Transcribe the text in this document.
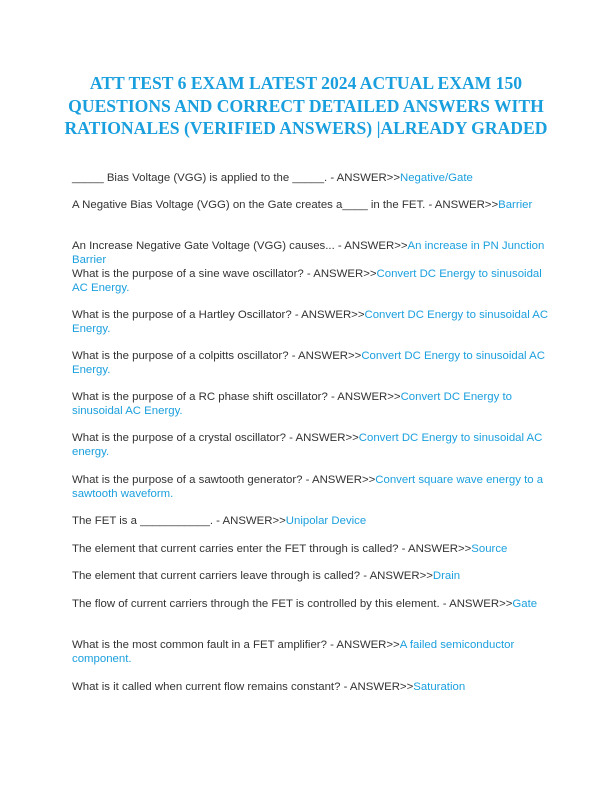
ATT TEST 6 EXAM LATEST 2024 ACTUAL EXAM 150 QUESTIONS AND CORRECT DETAILED ANSWERS WITH RATIONALES (VERIFIED ANSWERS) |ALREADY GRADED

_____ Bias Voltage (VGG) is applied to the _____. - ANSWER>>Negative/Gate

A Negative Bias Voltage (VGG) on the Gate creates a____ in the FET. - ANSWER>>Barrier

An Increase Negative Gate Voltage (VGG) causes... - ANSWER>>An increase in PN Junction Barrier

What is the purpose of a sine wave oscillator? - ANSWER>>Convert DC Energy to sinusoidal AC Energy.

What is the purpose of a Hartley Oscillator? - ANSWER>>Convert DC Energy to sinusoidal AC Energy.

What is the purpose of a colpitts oscillator? - ANSWER>>Convert DC Energy to sinusoidal AC Energy.

What is the purpose of a RC phase shift oscillator? - ANSWER>>Convert DC Energy to sinusoidal AC Energy.

What is the purpose of a crystal oscillator? - ANSWER>>Convert DC Energy to sinusoidal AC energy.

What is the purpose of a sawtooth generator? - ANSWER>>Convert square wave energy to a sawtooth waveform.

The FET is a ___________. - ANSWER>>Unipolar Device

The element that current carries enter the FET through is called? - ANSWER>>Source

The element that current carriers leave through is called? - ANSWER>>Drain

The flow of current carriers through the FET is controlled by this element. - ANSWER>>Gate

What is the most common fault in a FET amplifier? - ANSWER>>A failed semiconductor component.

What is it called when current flow remains constant? - ANSWER>>Saturation
